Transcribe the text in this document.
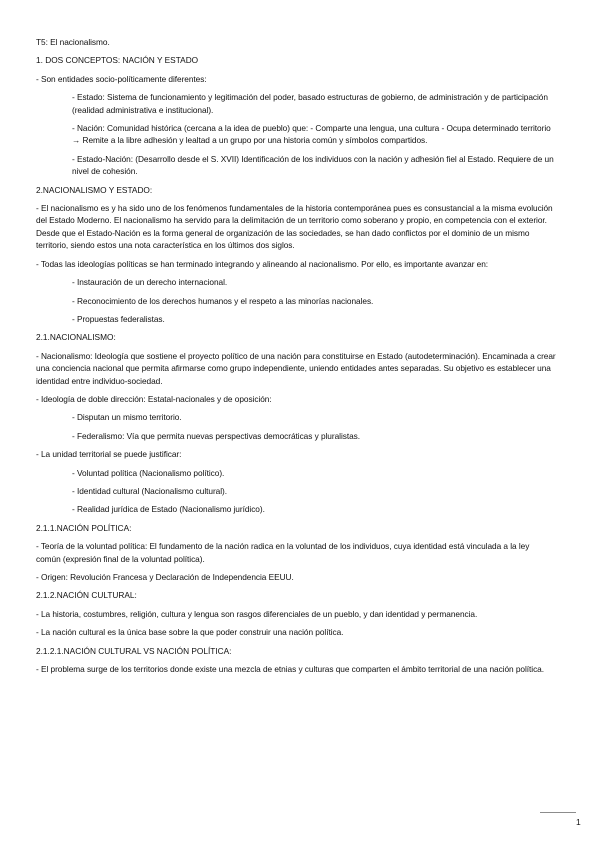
T5: El nacionalismo.

1. DOS CONCEPTOS: NACIÓN Y ESTADO

- Son entidades socio-políticamente diferentes:

- Estado: Sistema de funcionamiento y legitimación del poder, basado estructuras de gobierno, de administración y de participación (realidad administrativa e institucional).

- Nación: Comunidad histórica (cercana a la idea de pueblo) que: - Comparte una lengua, una cultura - Ocupa determinado territorio → Remite a la libre adhesión y lealtad a un grupo por una historia común y símbolos compartidos.

- Estado-Nación: (Desarrollo desde el S. XVII) Identificación de los individuos con la nación y adhesión fiel al Estado. Requiere de un nivel de cohesión.

2.NACIONALISMO Y ESTADO:

- El nacionalismo es y ha sido uno de los fenómenos fundamentales de la historia contemporánea pues es consustancial a la misma evolución del Estado Moderno. El nacionalismo ha servido para la delimitación de un territorio como soberano y propio, en competencia con el exterior. Desde que el Estado-Nación es la forma general de organización de las sociedades, se han dado conflictos por el dominio de un mismo territorio, siendo estos una nota característica en los últimos dos siglos.

- Todas las ideologías políticas se han terminado integrando y alineando al nacionalismo. Por ello, es importante avanzar en:

- Instauración de un derecho internacional.

- Reconocimiento de los derechos humanos y el respeto a las minorías nacionales.

- Propuestas federalistas.

2.1.NACIONALISMO:

- Nacionalismo: Ideología que sostiene el proyecto político de una nación para constituirse en Estado (autodeterminación). Encaminada a crear una conciencia nacional que permita afirmarse como grupo independiente, uniendo entidades antes separadas. Su objetivo es establecer una identidad entre individuo-sociedad.

- Ideología de doble dirección: Estatal-nacionales y de oposición:

- Disputan un mismo territorio.

- Federalismo: Vía que permita nuevas perspectivas democráticas y pluralistas.

- La unidad territorial se puede justificar:

- Voluntad política (Nacionalismo político).

- Identidad cultural (Nacionalismo cultural).

- Realidad jurídica de Estado (Nacionalismo jurídico).

2.1.1.NACIÓN POLÍTICA:

- Teoría de la voluntad política: El fundamento de la nación radica en la voluntad de los individuos, cuya identidad está vinculada a la ley común (expresión final de la voluntad política).

- Origen: Revolución Francesa y Declaración de Independencia EEUU.

2.1.2.NACIÓN CULTURAL:

- La historia, costumbres, religión, cultura y lengua son rasgos diferenciales de un pueblo, y dan identidad y permanencia.

- La nación cultural es la única base sobre la que poder construir una nación política.

2.1.2.1.NACIÓN CULTURAL VS NACIÓN POLÍTICA:

- El problema surge de los territorios donde existe una mezcla de etnias y culturas que comparten el ámbito territorial de una nación política.

1
